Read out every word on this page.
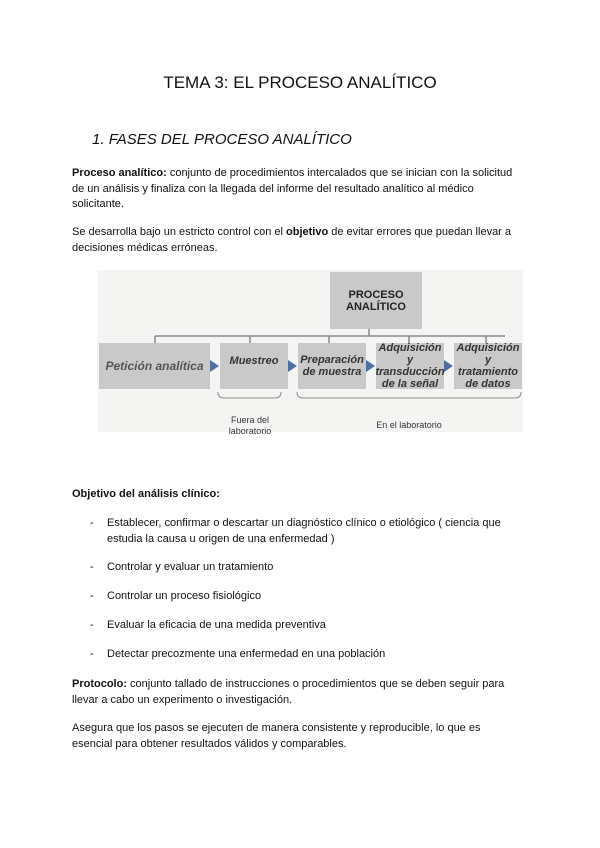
TEMA 3: EL PROCESO ANALÍTICO
1. FASES DEL PROCESO ANALÍTICO
Proceso analítico: conjunto de procedimientos intercalados que se inician con la solicitud
de un análisis y finaliza con la llegada del informe del resultado analítico al médico
solicitante.
Se desarrolla bajo un estricto control con el objetivo de evitar errores que puedan llevar a
decisiones médicas erróneas.
PROCESO
ANALÍTICO
Petición analítica Muestreo Preparación
de muestra
Adquisición y
transducción
de la señal
Adquisición y
tratamiento
de datos
Fuera del
laboratorio
En el laboratorio
Objetivo del análisis clínico:
- Establecer, confirmar o descartar un diagnóstico clínico o etiológico ( ciencia que
estudia la causa u origen de una enfermedad )
- Controlar y evaluar un tratamiento
- Controlar un proceso fisiológico
- Evaluar la eficacia de una medida preventiva
- Detectar precozmente una enfermedad en una población
Protocolo: conjunto tallado de instrucciones o procedimientos que se deben seguir para
llevar a cabo un experimento o investigación.
Asegura que los pasos se ejecuten de manera consistente y reproducible, lo que es
esencial para obtener resultados válidos y comparables.
